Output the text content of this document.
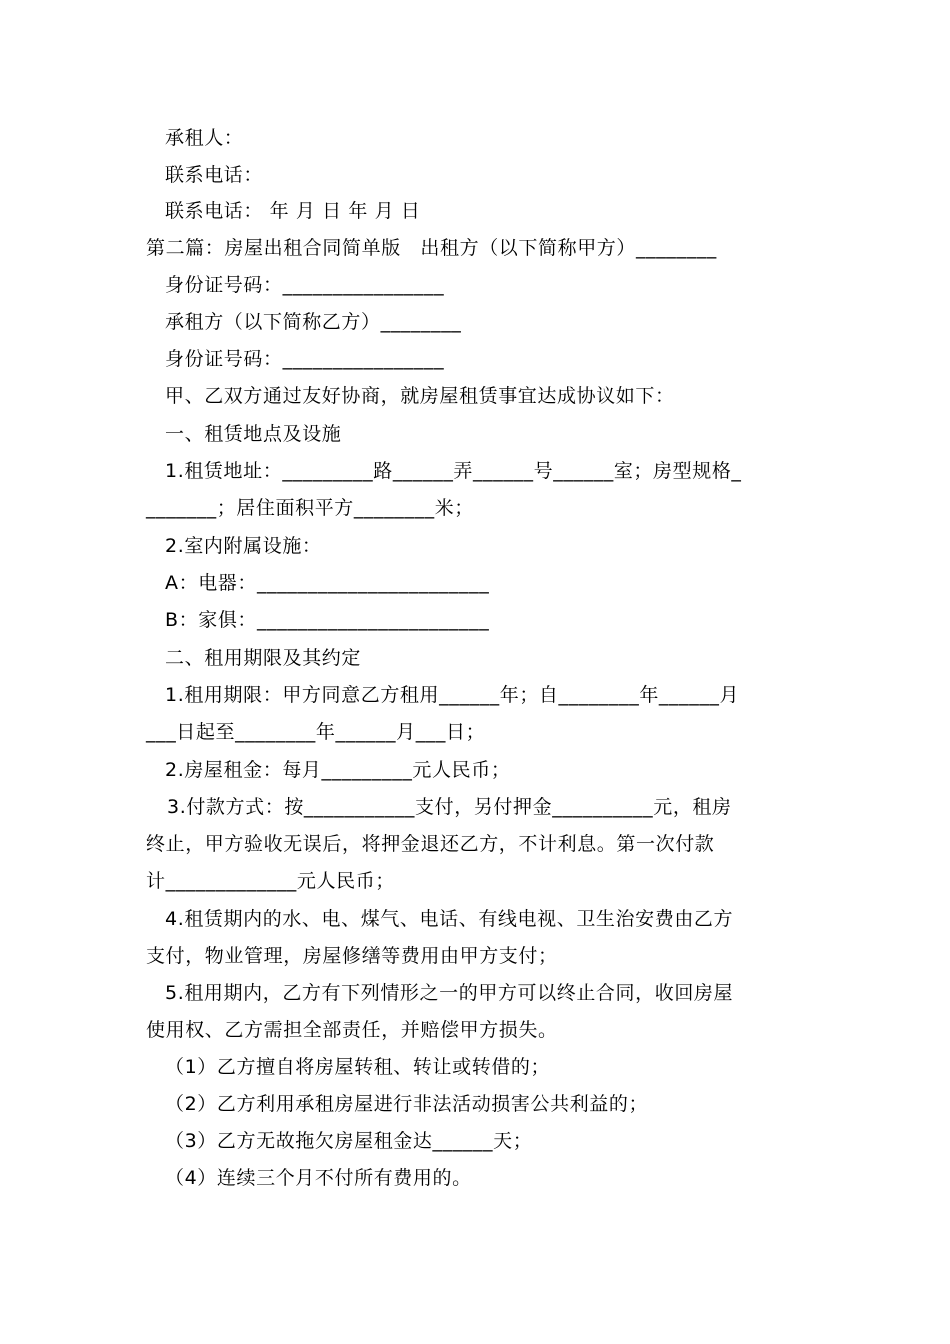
承租人：
联系电话：
联系电话： 年 月 日 年 月 日
第二篇：房屋出租合同简单版　出租方（以下简称甲方）________
身份证号码：________________
承租方（以下简称乙方）________
身份证号码：________________
甲、乙双方通过友好协商，就房屋租赁事宜达成协议如下：
一、租赁地点及设施
1.租赁地址：_________路______弄______号______室；房型规格_
_______；居住面积平方________米；
2.室内附属设施：
A：电器：_______________________
B：家俱：_______________________
二、租用期限及其约定
1.租用期限：甲方同意乙方租用______年；自________年______月
___日起至________年______月___日；
2.房屋租金：每月_________元人民币；
3.付款方式：按___________支付，另付押金__________元，租房
终止，甲方验收无误后，将押金退还乙方，不计利息。第一次付款
计_____________元人民币；
4.租赁期内的水、电、煤气、电话、有线电视、卫生治安费由乙方
支付，物业管理，房屋修缮等费用由甲方支付；
5.租用期内，乙方有下列情形之一的甲方可以终止合同，收回房屋
使用权、乙方需担全部责任，并赔偿甲方损失。
（1）乙方擅自将房屋转租、转让或转借的；
（2）乙方利用承租房屋进行非法活动损害公共利益的；
（3）乙方无故拖欠房屋租金达______天；
（4）连续三个月不付所有费用的。
